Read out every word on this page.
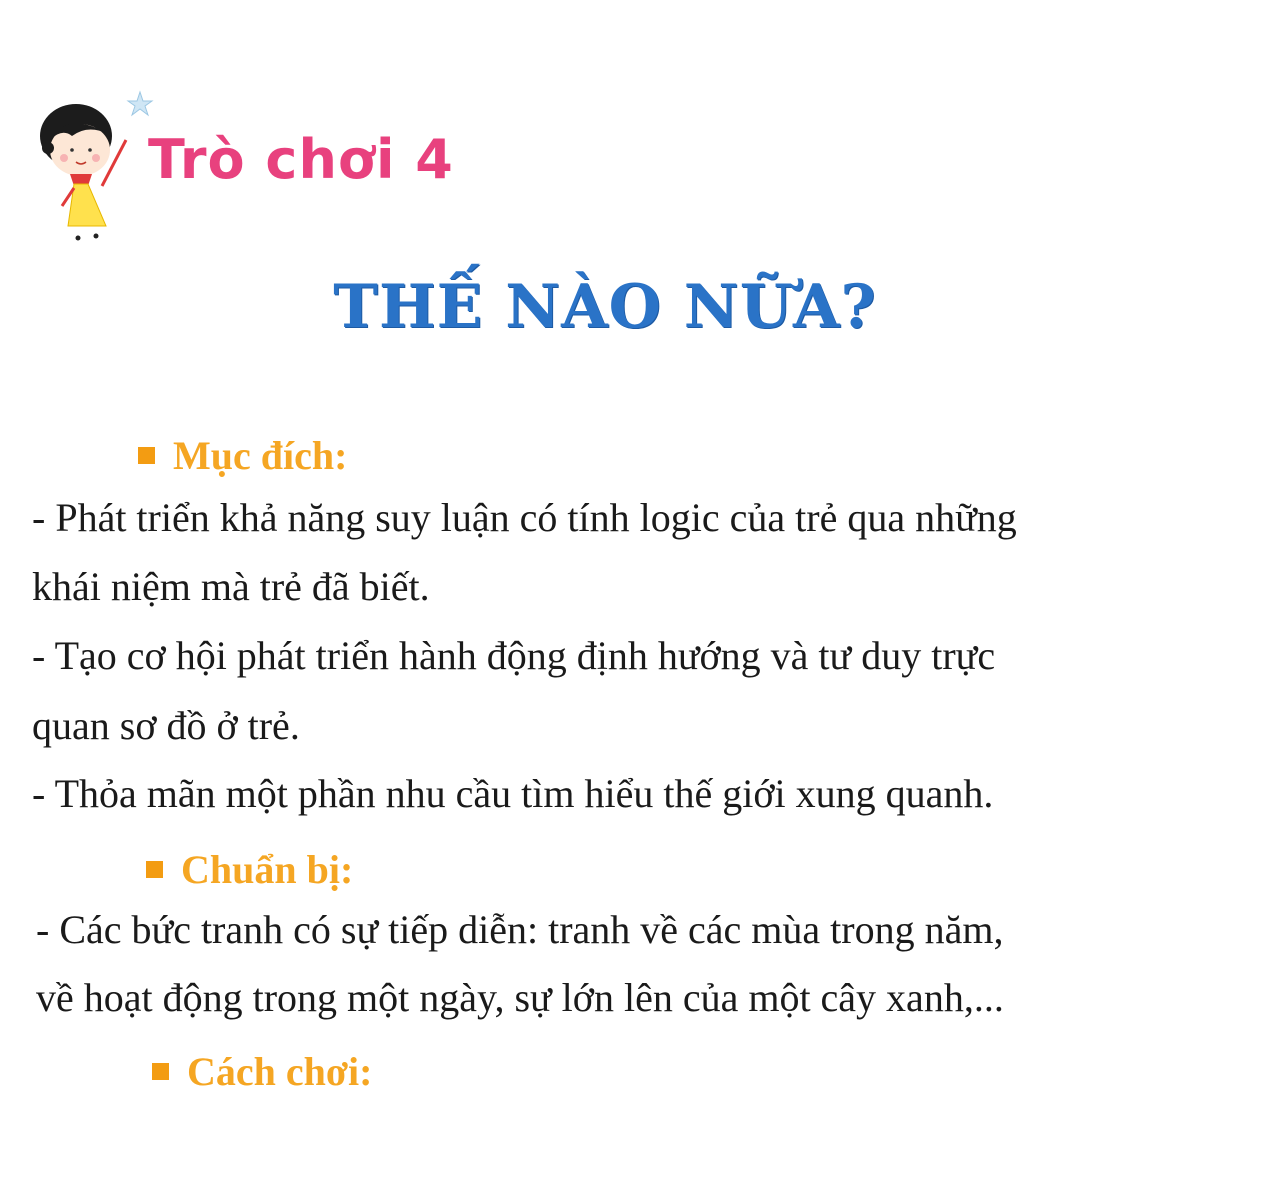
Trò chơi 4
THẾ NÀO NỮA?
Mục đích:
- Phát triển khả năng suy luận có tính logic của trẻ qua những
khái niệm mà trẻ đã biết.
- Tạo cơ hội phát triển hành động định hướng và tư duy trực
quan sơ đồ ở trẻ.
- Thỏa mãn một phần nhu cầu tìm hiểu thế giới xung quanh.
Chuẩn bị:
- Các bức tranh có sự tiếp diễn: tranh về các mùa trong năm,
về hoạt động trong một ngày, sự lớn lên của một cây xanh,...
Cách chơi:
